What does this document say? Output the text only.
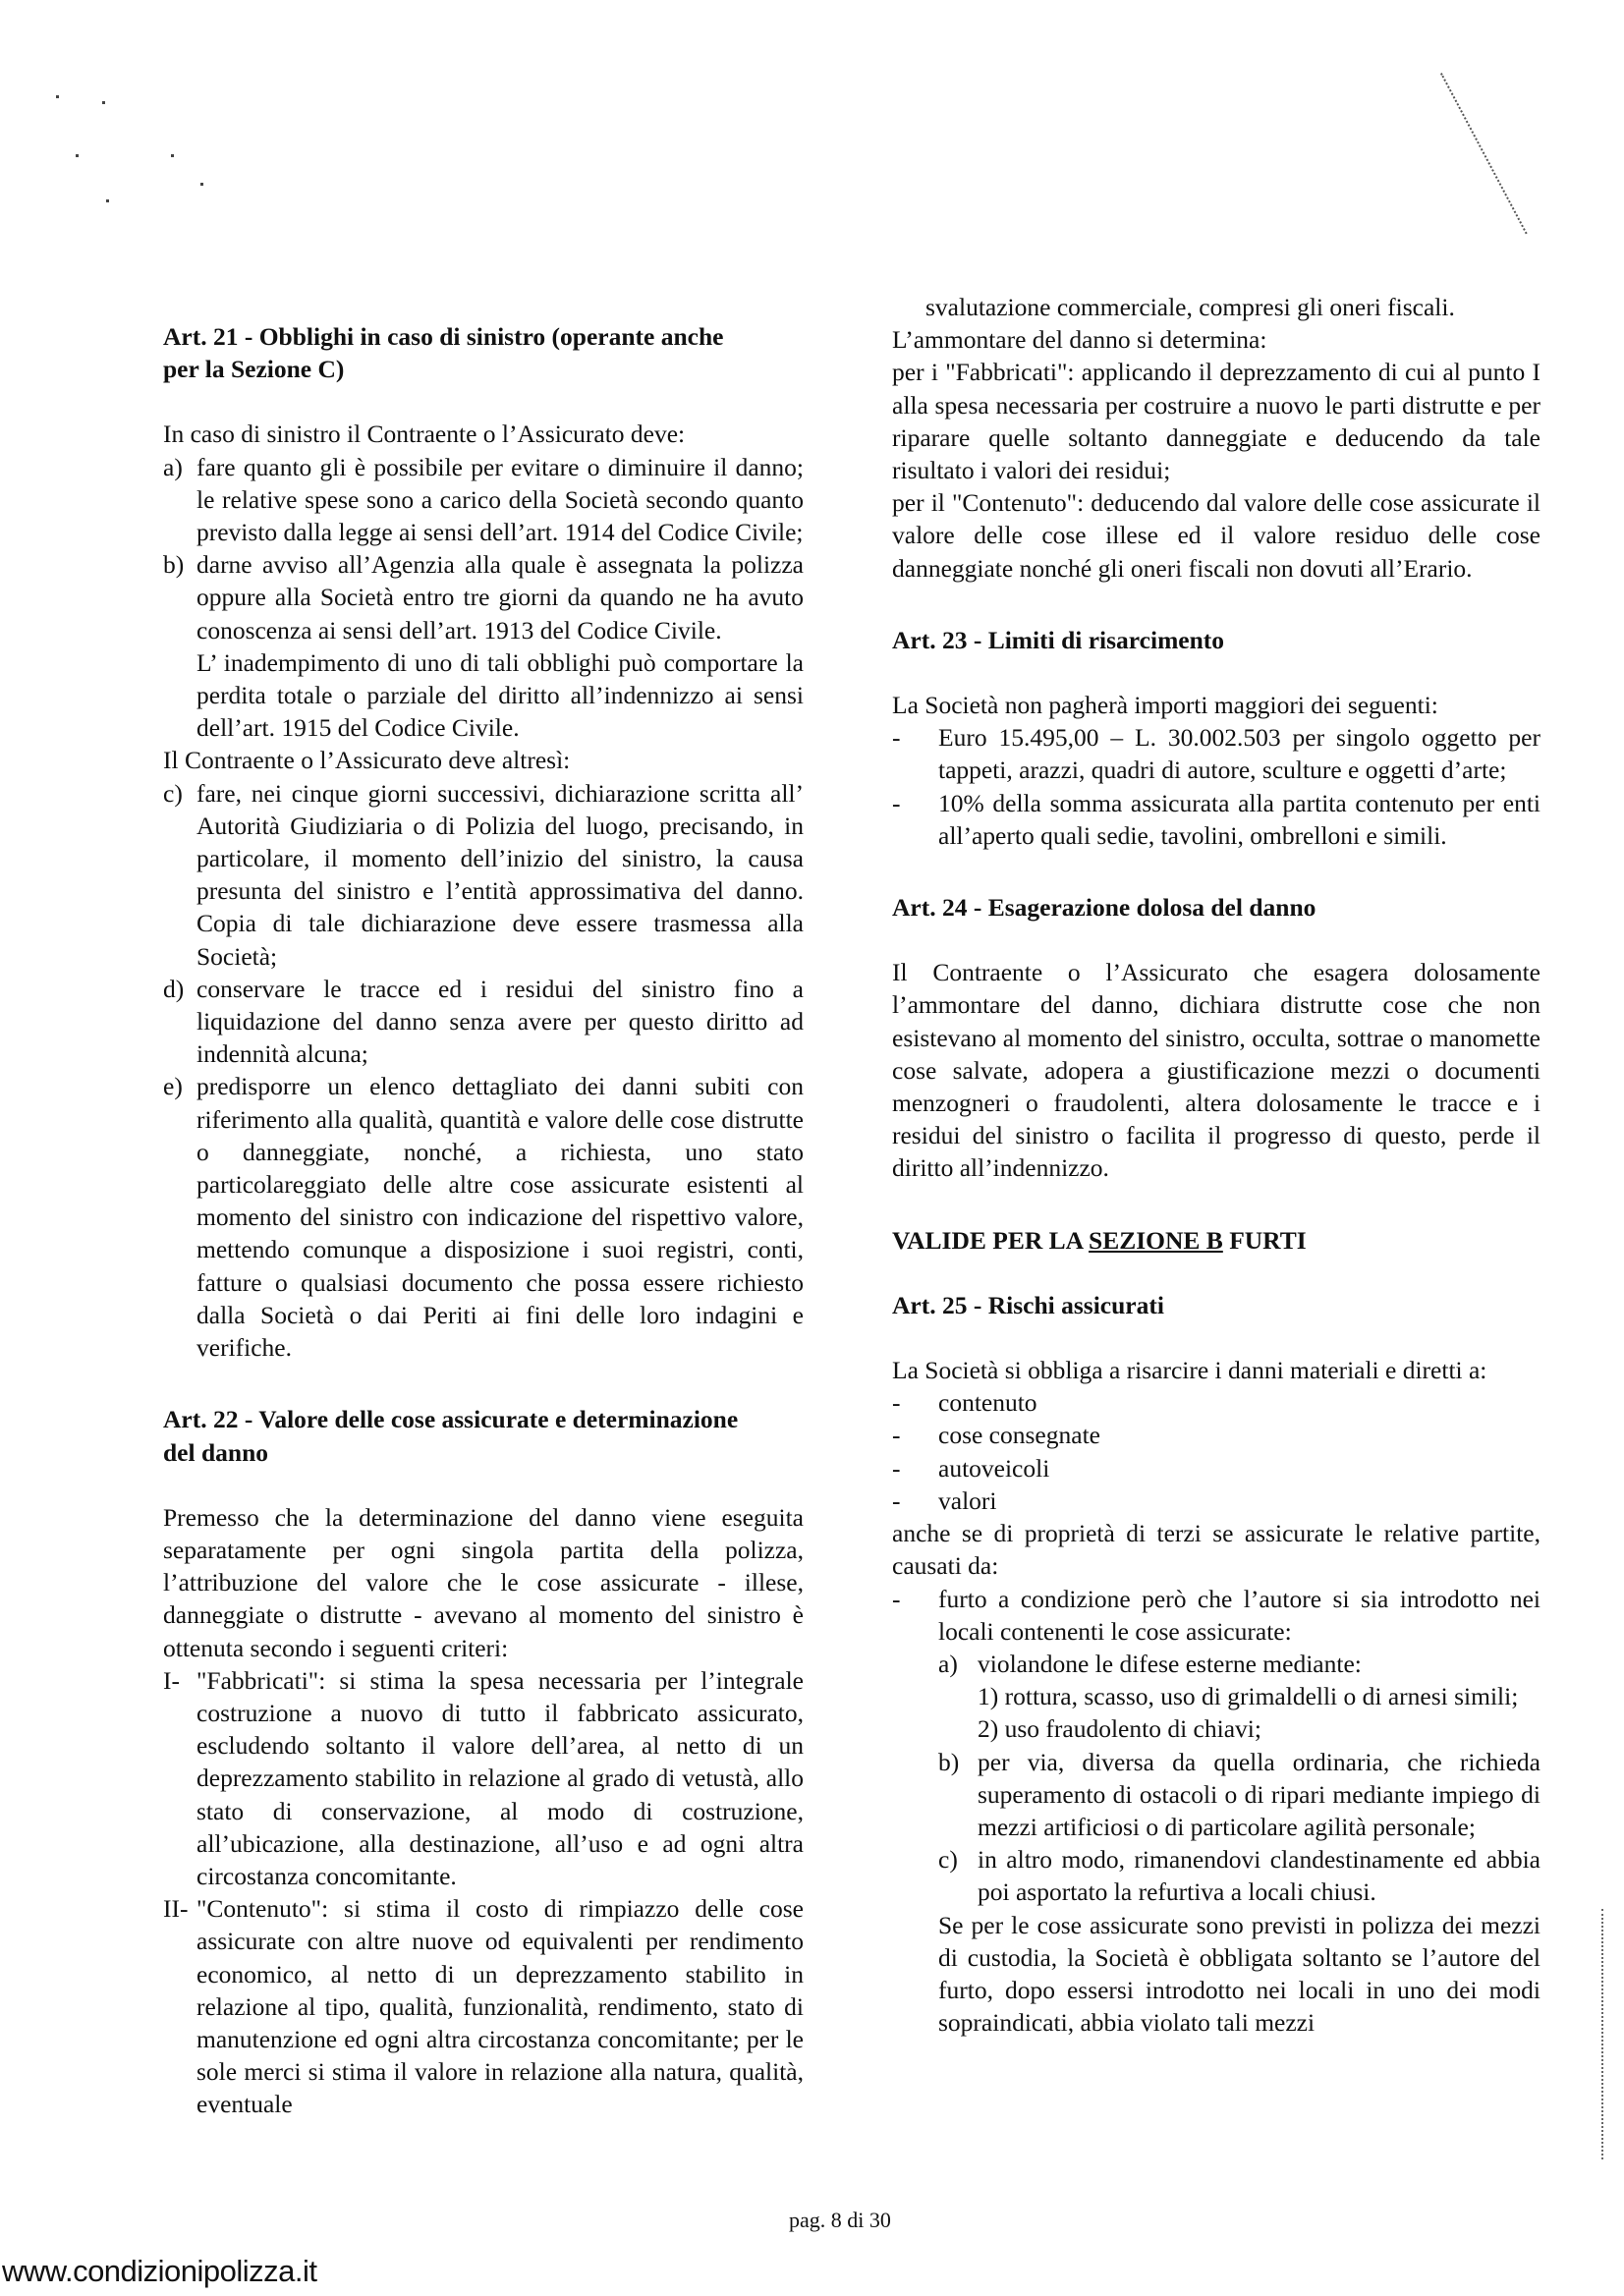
Art. 21 - Obblighi in caso di sinistro (operante anche
per la Sezione C)

In caso di sinistro il Contraente o l’Assicurato deve:

a) fare quanto gli è possibile per evitare o diminuire il danno; le relative spese sono a carico della Società secondo quanto previsto dalla legge ai sensi dell’art. 1914 del Codice Civile;
b) darne avviso all’Agenzia alla quale è assegnata la polizza oppure alla Società entro tre giorni da quando ne ha avuto conoscenza ai sensi dell’art. 1913 del Codice Civile.

L’ inadempimento di uno di tali obblighi può comportare la perdita totale o parziale del diritto all’indennizzo ai sensi dell’art. 1915 del Codice Civile.

Il Contraente o l’Assicurato deve altresì:

c) fare, nei cinque giorni successivi, dichiarazione scritta all’ Autorità Giudiziaria o di Polizia del luogo, precisando, in particolare, il momento dell’inizio del sinistro, la causa presunta del sinistro e l’entità approssimativa del danno. Copia di tale dichiarazione deve essere trasmessa alla Società;
d) conservare le tracce ed i residui del sinistro fino a liquidazione del danno senza avere per questo diritto ad indennità alcuna;
e) predisporre un elenco dettagliato dei danni subiti con riferimento alla qualità, quantità e valore delle cose distrutte o danneggiate, nonché, a richiesta, uno stato particolareggiato delle altre cose assicurate esistenti al momento del sinistro con indicazione del rispettivo valore, mettendo comunque a disposizione i suoi registri, conti, fatture o qualsiasi documento che possa essere richiesto dalla Società o dai Periti ai fini delle loro indagini e verifiche.

Art. 22 - Valore delle cose assicurate e determinazione
del danno

Premesso che la determinazione del danno viene eseguita separatamente per ogni singola partita della polizza, l’attribuzione del valore che le cose assicurate - illese, danneggiate o distrutte - avevano al momento del sinistro è ottenuta secondo i seguenti criteri:

I- "Fabbricati": si stima la spesa necessaria per l’integrale costruzione a nuovo di tutto il fabbricato assicurato, escludendo soltanto il valore dell’area, al netto di un deprezzamento stabilito in relazione al grado di vetustà, allo stato di conservazione, al modo di costruzione, all’ubicazione, alla destinazione, all’uso e ad ogni altra circostanza concomitante.
II- "Contenuto": si stima il costo di rimpiazzo delle cose assicurate con altre nuove od equivalenti per rendimento economico, al netto di un deprezzamento stabilito in relazione al tipo, qualità, funzionalità, rendimento, stato di manutenzione ed ogni altra circostanza concomitante; per le sole merci si stima il valore in relazione alla natura, qualità, eventuale

svalutazione commerciale, compresi gli oneri fiscali.

L’ammontare del danno si determina:

per i "Fabbricati": applicando il deprezzamento di cui al punto I alla spesa necessaria per costruire a nuovo le parti distrutte e per riparare quelle soltanto danneggiate e deducendo da tale risultato i valori dei residui;

per il "Contenuto": deducendo dal valore delle cose assicurate il valore delle cose illese ed il valore residuo delle cose danneggiate nonché gli oneri fiscali non dovuti all’Erario.

Art. 23 - Limiti di risarcimento

La Società non pagherà importi maggiori dei seguenti:

-	Euro 15.495,00 – L. 30.002.503 per singolo oggetto per tappeti, arazzi, quadri di autore, sculture e oggetti d’arte;
-	10% della somma assicurata alla partita contenuto per enti all’aperto quali sedie, tavolini, ombrelloni e simili.

Art. 24 - Esagerazione dolosa del danno

Il Contraente o l’Assicurato che esagera dolosamente l’ammontare del danno, dichiara distrutte cose che non esistevano al momento del sinistro, occulta, sottrae o manomette cose salvate, adopera a giustificazione mezzi o documenti menzogneri o fraudolenti, altera dolosamente le tracce e i residui del sinistro o facilita il progresso di questo, perde il diritto all’indennizzo.

VALIDE PER LA SEZIONE B FURTI

Art. 25 - Rischi assicurati

La Società si obbliga a risarcire i danni materiali e diretti a:

-	contenuto
-	cose consegnate
-	autoveicoli
-	valori

anche se di proprietà di terzi se assicurate le relative partite, causati da:

-	furto a condizione però che l’autore si sia introdotto nei locali contenenti le cose assicurate:
a) violandone le difese esterne mediante:

1) rottura, scasso, uso di grimaldelli o di arnesi simili;

2) uso fraudolento di chiavi;

b) per via, diversa da quella ordinaria, che richieda superamento di ostacoli o di ripari mediante impiego di mezzi artificiosi o di particolare agilità personale;
c) in altro modo, rimanendovi clandestinamente ed abbia poi asportato la refurtiva a locali chiusi.

Se per le cose assicurate sono previsti in polizza dei mezzi di custodia, la Società è obbligata soltanto se l’autore del furto, dopo essersi introdotto nei locali in uno dei modi sopraindicati, abbia violato tali mezzi

pag. 8 di 30
www.condizionipolizza.it
